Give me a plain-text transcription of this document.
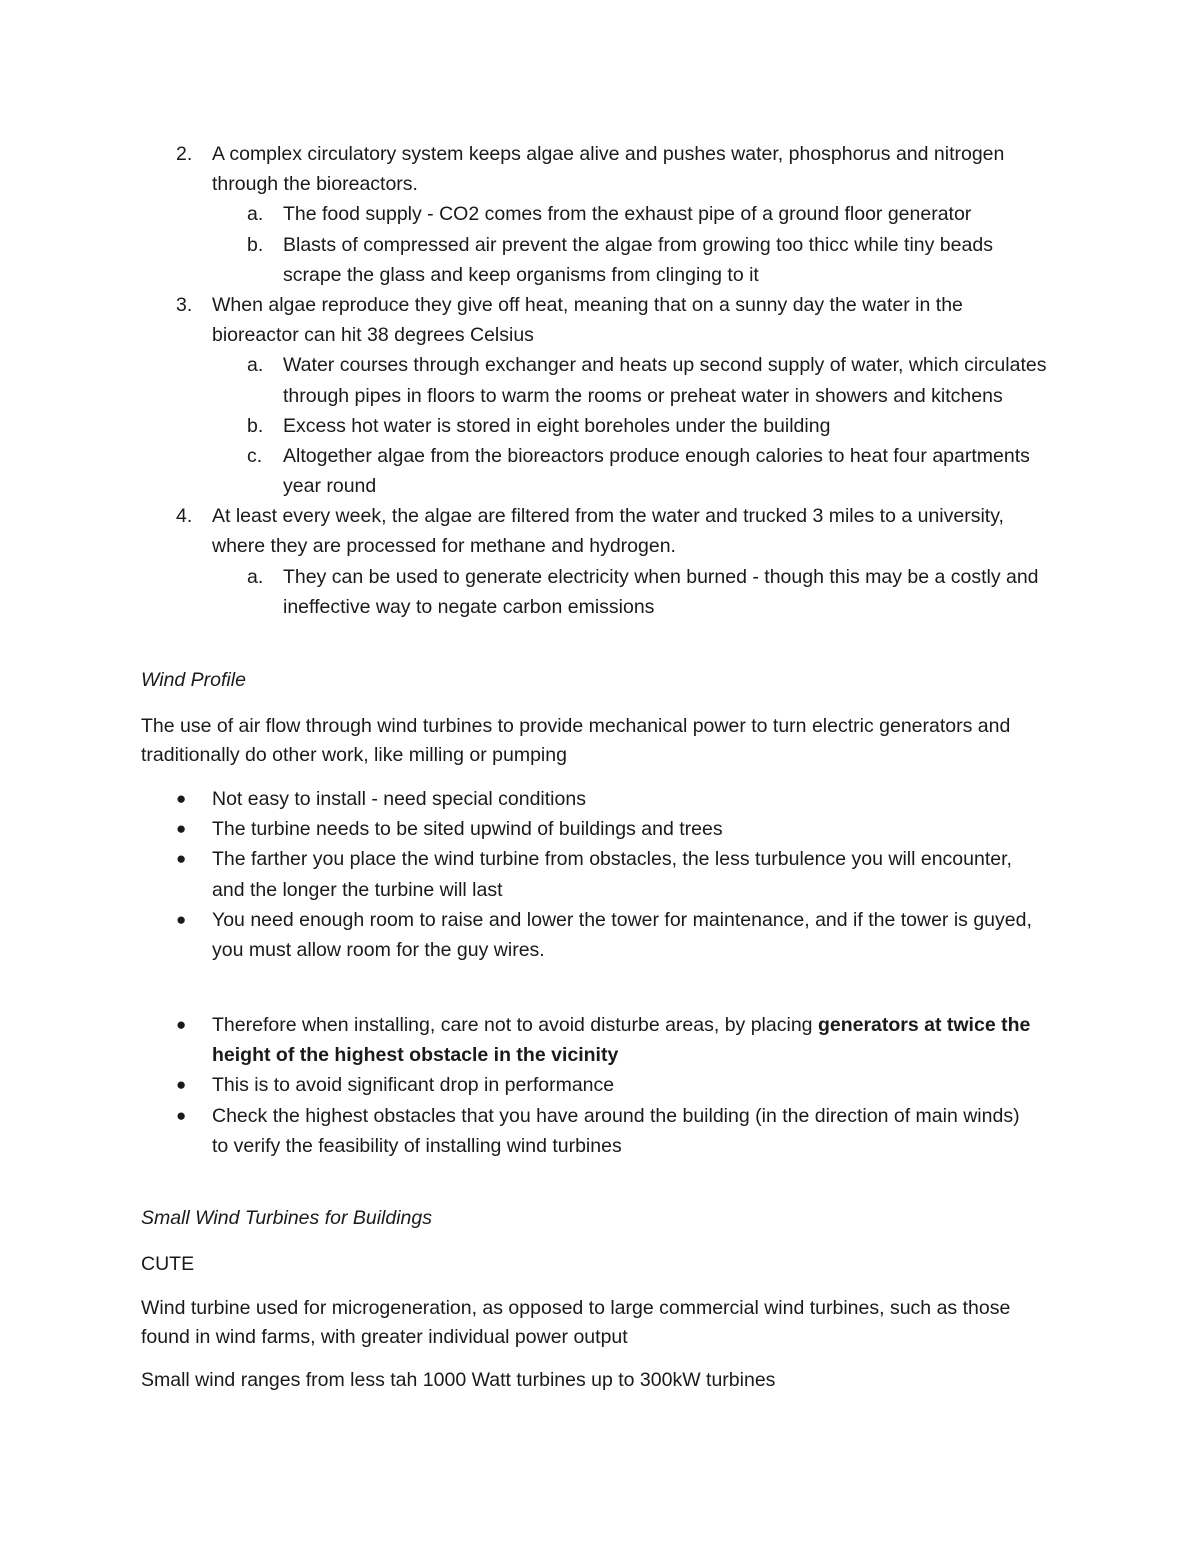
2. A complex circulatory system keeps algae alive and pushes water, phosphorus and nitrogen
through the bioreactors.
a. The food supply - CO2 comes from the exhaust pipe of a ground floor generator
b. Blasts of compressed air prevent the algae from growing too thicc while tiny beads
scrape the glass and keep organisms from clinging to it
3. When algae reproduce they give off heat, meaning that on a sunny day the water in the
bioreactor can hit 38 degrees Celsius
a. Water courses through exchanger and heats up second supply of water, which circulates
through pipes in floors to warm the rooms or preheat water in showers and kitchens
b. Excess hot water is stored in eight boreholes under the building
c. Altogether algae from the bioreactors produce enough calories to heat four apartments
year round
4. At least every week, the algae are filtered from the water and trucked 3 miles to a university,
where they are processed for methane and hydrogen.
a. They can be used to generate electricity when burned - though this may be a costly and
ineffective way to negate carbon emissions
Wind Profile
The use of air flow through wind turbines to provide mechanical power to turn electric generators and
traditionally do other work, like milling or pumping
● Not easy to install - need special conditions
● The turbine needs to be sited upwind of buildings and trees
● The farther you place the wind turbine from obstacles, the less turbulence you will encounter,
and the longer the turbine will last
● You need enough room to raise and lower the tower for maintenance, and if the tower is guyed,
you must allow room for the guy wires.
● Therefore when installing, care not to avoid disturbe areas, by placing generators at twice the
height of the highest obstacle in the vicinity
● This is to avoid significant drop in performance
● Check the highest obstacles that you have around the building (in the direction of main winds)
to verify the feasibility of installing wind turbines
Small Wind Turbines for Buildings
CUTE
Wind turbine used for microgeneration, as opposed to large commercial wind turbines, such as those
found in wind farms, with greater individual power output
Small wind ranges from less tah 1000 Watt turbines up to 300kW turbines
